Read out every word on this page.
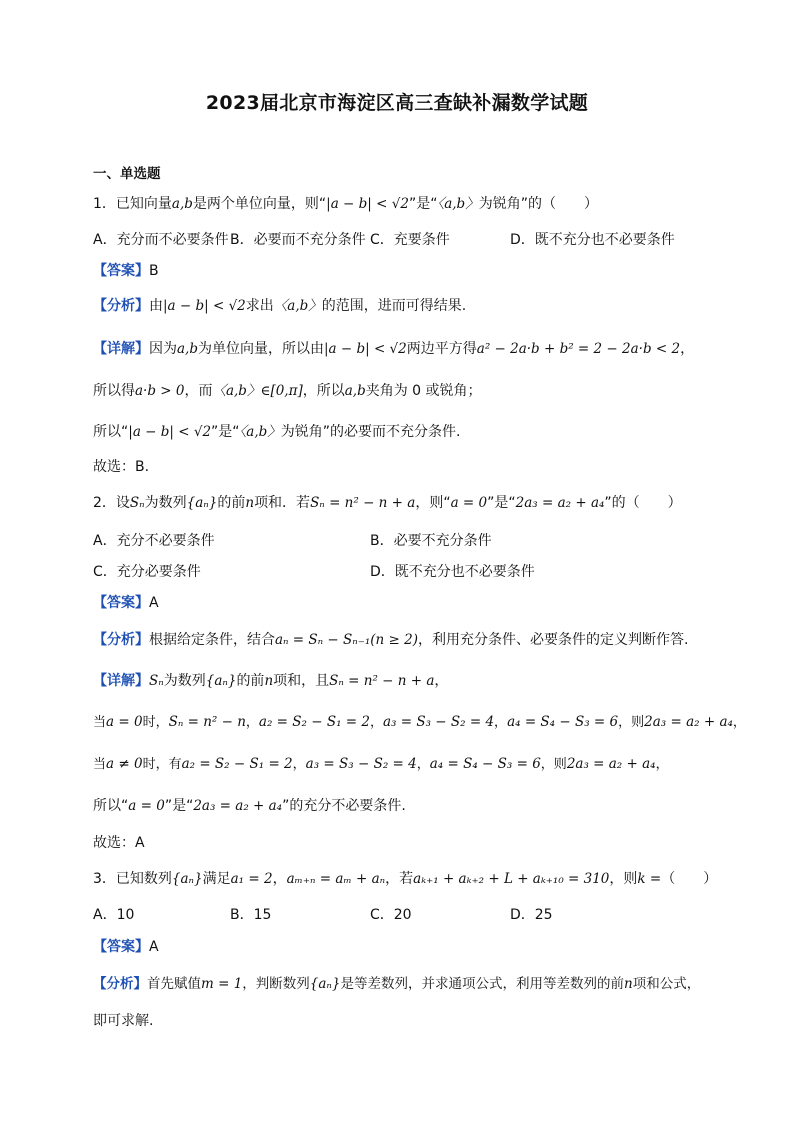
2023届北京市海淀区高三查缺补漏数学试题
一、单选题
1．已知向量a,b是两个单位向量，则“|a − b| < √2”是“〈a,b〉为锐角”的（　　）
A．充分而不必要条件 B．必要而不充分条件 C．充要条件	D．既不充分也不必要条件
【答案】B
【分析】由|a − b| < √2求出〈a,b〉的范围，进而可得结果.
【详解】因为a,b为单位向量，所以由|a − b| < √2两边平方得a² − 2a·b + b² = 2 − 2a·b < 2，
所以得a·b > 0，而〈a,b〉∈[0,π]，所以a,b夹角为 0 或锐角；
所以“|a − b| < √2”是“〈a,b〉为锐角”的必要而不充分条件.
故选：B.
2．设Sₙ为数列{aₙ}的前n项和．若Sₙ = n² − n + a，则“a = 0”是“2a₃ = a₂ + a₄”的（　　）
A．充分不必要条件	B．必要不充分条件
C．充分必要条件	D．既不充分也不必要条件
【答案】A
【分析】根据给定条件，结合aₙ = Sₙ − Sₙ₋₁(n ≥ 2)，利用充分条件、必要条件的定义判断作答.
【详解】Sₙ为数列{aₙ}的前n项和，且Sₙ = n² − n + a，
当a = 0时，Sₙ = n² − n，a₂ = S₂ − S₁ = 2，a₃ = S₃ − S₂ = 4，a₄ = S₄ − S₃ = 6，则2a₃ = a₂ + a₄，
当a ≠ 0时，有a₂ = S₂ − S₁ = 2，a₃ = S₃ − S₂ = 4，a₄ = S₄ − S₃ = 6，则2a₃ = a₂ + a₄，
所以“a = 0”是“2a₃ = a₂ + a₄”的充分不必要条件.
故选：A
3．已知数列{aₙ}满足a₁ = 2，aₘ₊ₙ = aₘ + aₙ，若aₖ₊₁ + aₖ₊₂ + L + aₖ₊₁₀ = 310，则k =（　　）
A．10	B．15	C．20	D．25
【答案】A
【分析】首先赋值m = 1，判断数列{aₙ}是等差数列，并求通项公式，利用等差数列的前n项和公式，
即可求解.
